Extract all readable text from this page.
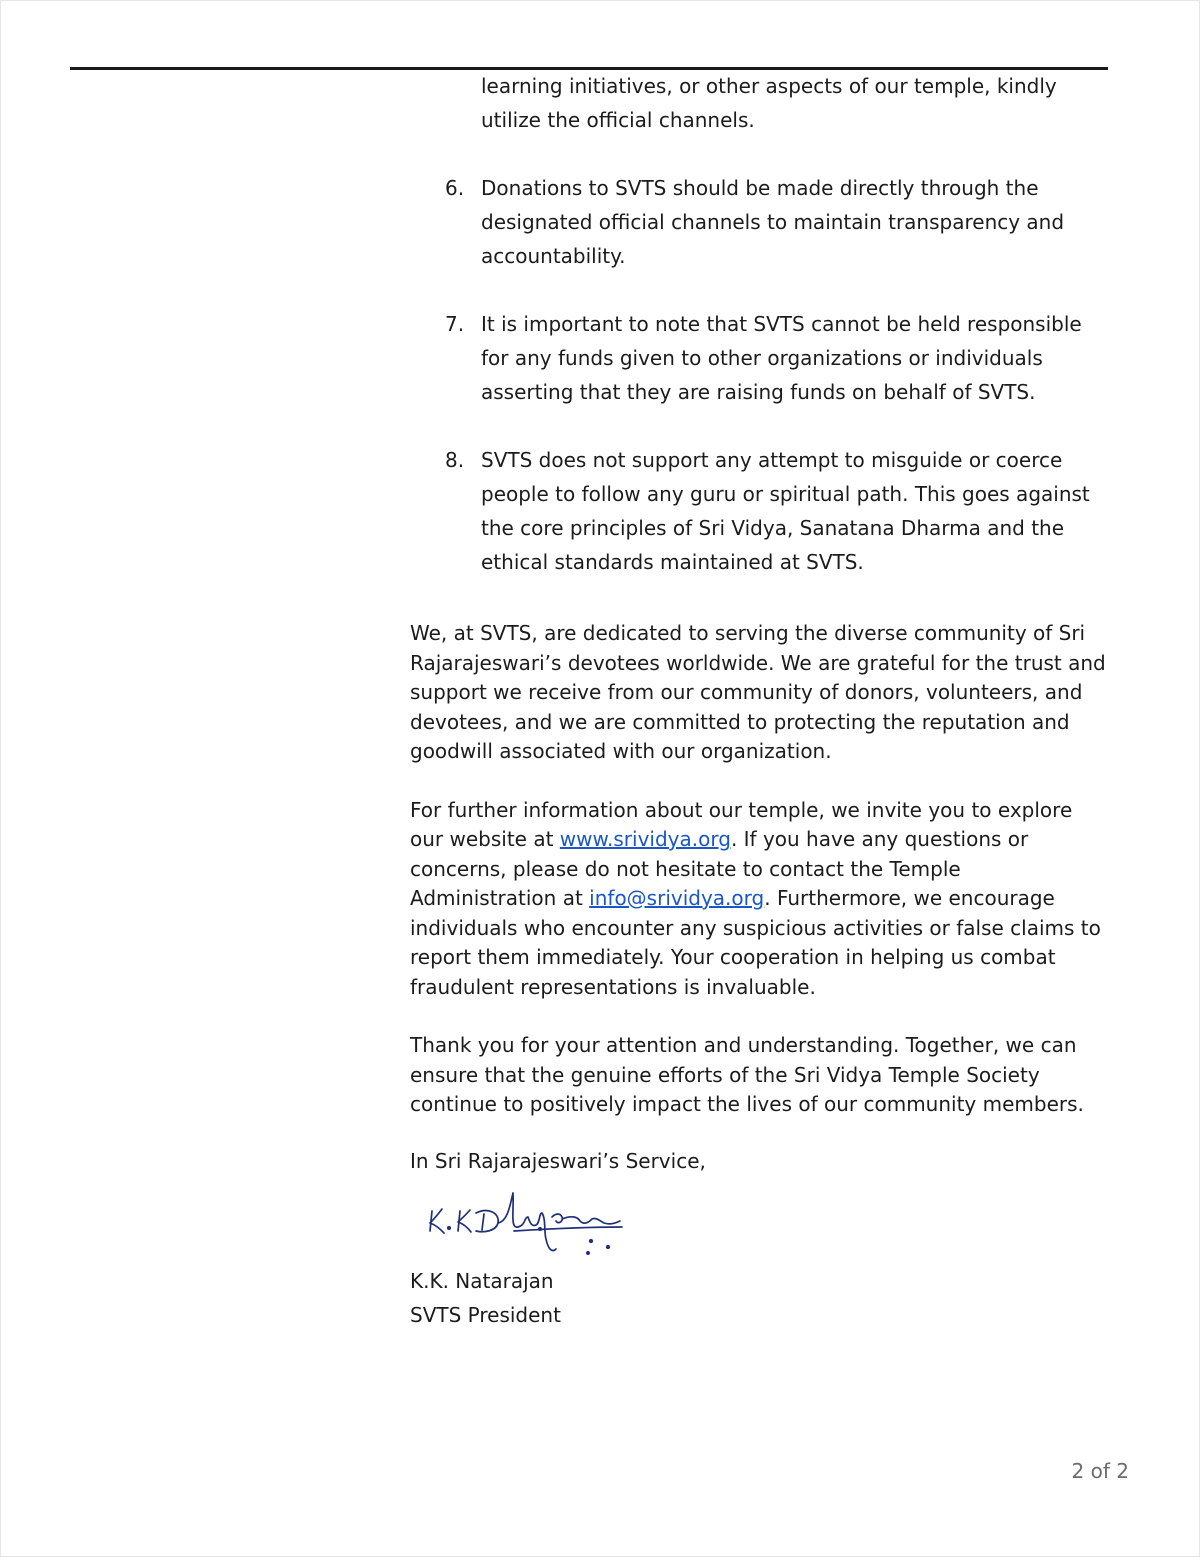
learning initiatives, or other aspects of our temple, kindly utilize the official channels.

6. Donations to SVTS should be made directly through the designated official channels to maintain transparency and accountability.
7. It is important to note that SVTS cannot be held responsible for any funds given to other organizations or individuals asserting that they are raising funds on behalf of SVTS.
8. SVTS does not support any attempt to misguide or coerce people to follow any guru or spiritual path. This goes against the core principles of Sri Vidya, Sanatana Dharma and the ethical standards maintained at SVTS.

We, at SVTS, are dedicated to serving the diverse community of Sri Rajarajeswari’s devotees worldwide. We are grateful for the trust and support we receive from our community of donors, volunteers, and devotees, and we are committed to protecting the reputation and goodwill associated with our organization.

For further information about our temple, we invite you to explore our website at www.srividya.org. If you have any questions or concerns, please do not hesitate to contact the Temple Administration at info@srividya.org. Furthermore, we encourage individuals who encounter any suspicious activities or false claims to report them immediately. Your cooperation in helping us combat fraudulent representations is invaluable.

Thank you for your attention and understanding. Together, we can ensure that the genuine efforts of the Sri Vidya Temple Society continue to positively impact the lives of our community members.

In Sri Rajarajeswari’s Service,

K.K. Natarajan
SVTS President
2 of 2
